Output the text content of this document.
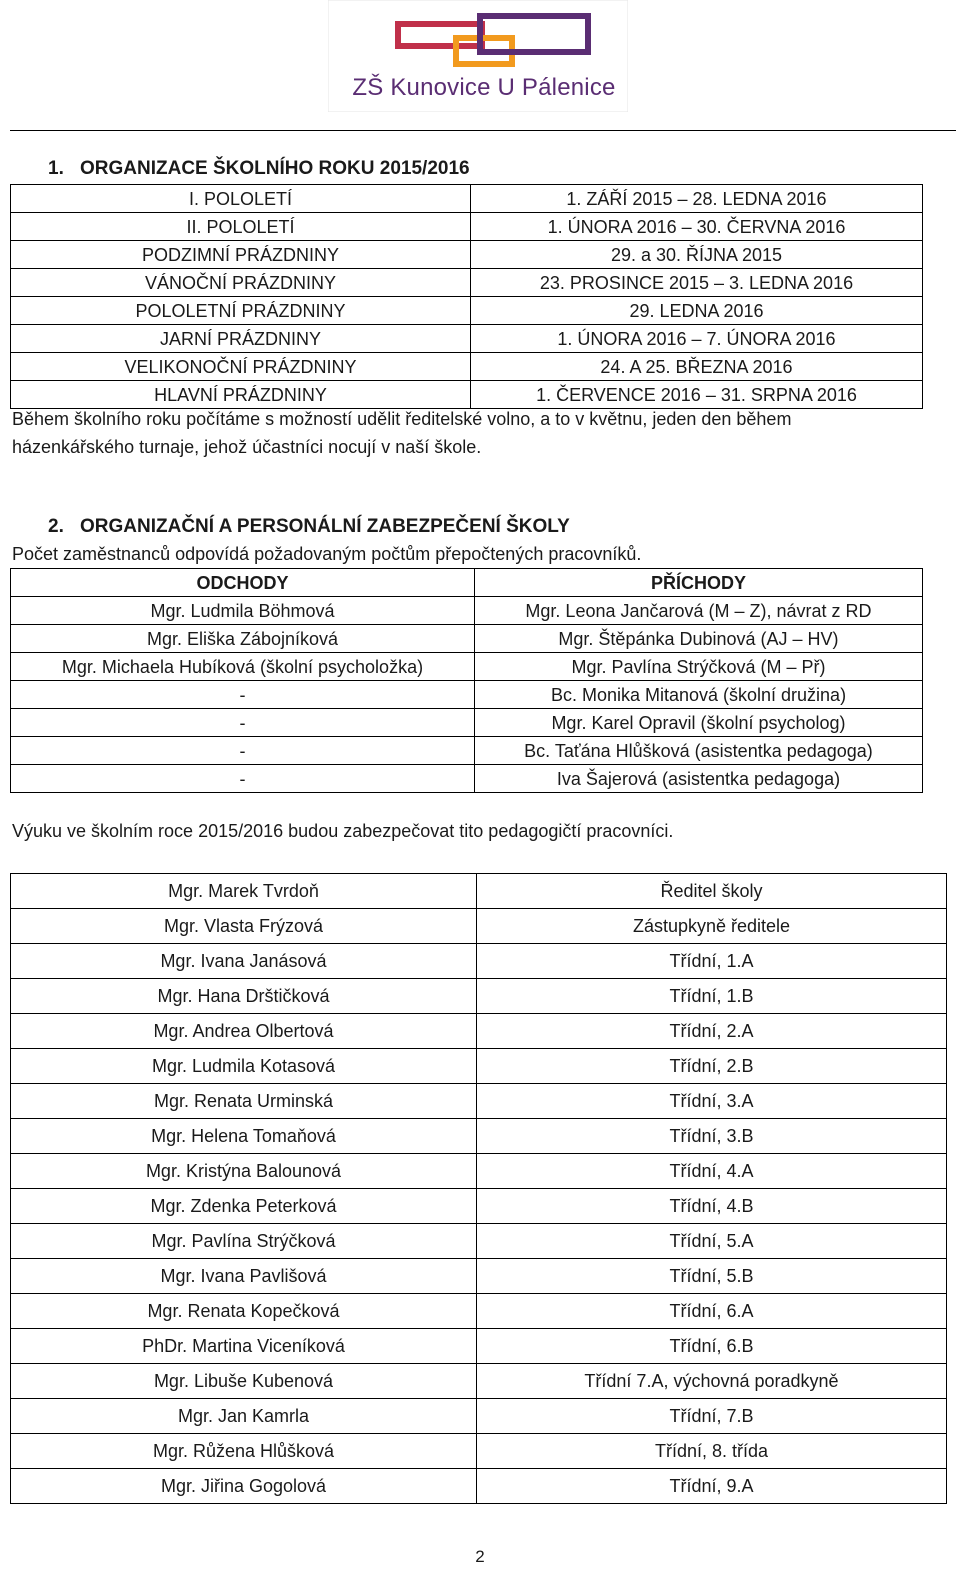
ZŠ Kunovice U Pálenice
1. ORGANIZACE ŠKOLNÍHO ROKU 2015/2016
I. POLOLETÍ	1. ZÁŘÍ 2015 – 28. LEDNA 2016
II. POLOLETÍ	1. ÚNORA 2016 – 30. ČERVNA 2016
PODZIMNÍ PRÁZDNINY	29. a 30. ŘÍJNA 2015
VÁNOČNÍ PRÁZDNINY	23. PROSINCE 2015 – 3. LEDNA 2016
POLOLETNÍ PRÁZDNINY	29. LEDNA 2016
JARNÍ PRÁZDNINY	1. ÚNORA 2016 – 7. ÚNORA 2016
VELIKONOČNÍ PRÁZDNINY	24. A 25. BŘEZNA 2016
HLAVNÍ PRÁZDNINY	1. ČERVENCE 2016 – 31. SRPNA 2016
Během školního roku počítáme s možností udělit ředitelské volno, a to v květnu, jeden den během házenkářského turnaje, jehož účastníci nocují v naší škole.
2. ORGANIZAČNÍ A PERSONÁLNÍ ZABEZPEČENÍ ŠKOLY
Počet zaměstnanců odpovídá požadovaným počtům přepočtených pracovníků.
ODCHODY	PŘÍCHODY
Mgr. Ludmila Böhmová	Mgr. Leona Jančarová (M – Z), návrat z RD
Mgr. Eliška Zábojníková	Mgr. Štěpánka Dubinová (AJ – HV)
Mgr. Michaela Hubíková (školní psycholožka)	Mgr. Pavlína Strýčková (M – Př)
-	Bc. Monika Mitanová (školní družina)
-	Mgr. Karel Opravil (školní psycholog)
-	Bc. Taťána Hlůšková (asistentka pedagoga)
-	Iva Šajerová (asistentka pedagoga)
Výuku ve školním roce 2015/2016 budou zabezpečovat tito pedagogičtí pracovníci.
Mgr. Marek Tvrdoň	Ředitel školy
Mgr. Vlasta Frýzová	Zástupkyně ředitele
Mgr. Ivana Janásová	Třídní, 1.A
Mgr. Hana Drštičková	Třídní, 1.B
Mgr. Andrea Olbertová	Třídní, 2.A
Mgr. Ludmila Kotasová	Třídní, 2.B
Mgr. Renata Urminská	Třídní, 3.A
Mgr. Helena Tomaňová	Třídní, 3.B
Mgr. Kristýna Balounová	Třídní, 4.A
Mgr. Zdenka Peterková	Třídní, 4.B
Mgr. Pavlína Strýčková	Třídní, 5.A
Mgr. Ivana Pavlišová	Třídní, 5.B
Mgr. Renata Kopečková	Třídní, 6.A
PhDr. Martina Viceníková	Třídní, 6.B
Mgr. Libuše Kubenová	Třídní 7.A, výchovná poradkyně
Mgr. Jan Kamrla	Třídní, 7.B
Mgr. Růžena Hlůšková	Třídní, 8. třída
Mgr. Jiřina Gogolová	Třídní, 9.A
2
